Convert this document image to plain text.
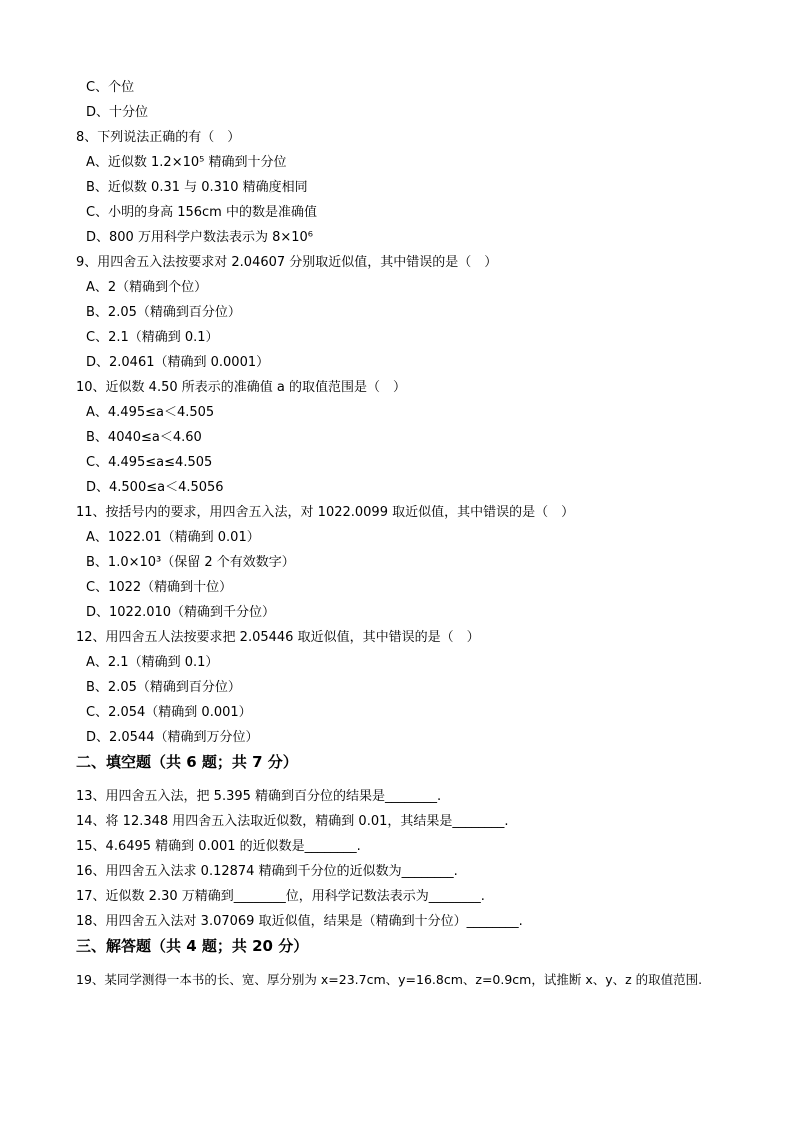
C、个位
D、十分位
8、下列说法正确的有（　）
A、近似数 1.2×10⁵ 精确到十分位
B、近似数 0.31 与 0.310 精确度相同
C、小明的身高 156cm 中的数是准确值
D、800 万用科学户数法表示为 8×10⁶
9、用四舍五入法按要求对 2.04607 分别取近似值，其中错误的是（　）
A、2（精确到个位）
B、2.05（精确到百分位）
C、2.1（精确到 0.1）
D、2.0461（精确到 0.0001）
10、近似数 4.50 所表示的准确值 a 的取值范围是（　）
A、4.495≤a＜4.505
B、4040≤a＜4.60
C、4.495≤a≤4.505
D、4.500≤a＜4.5056
11、按括号内的要求，用四舍五入法，对 1022.0099 取近似值，其中错误的是（　）
A、1022.01（精确到 0.01）
B、1.0×10³（保留 2 个有效数字）
C、1022（精确到十位）
D、1022.010（精确到千分位）
12、用四舍五人法按要求把 2.05446 取近似值，其中错误的是（　）
A、2.1（精确到 0.1）
B、2.05（精确到百分位）
C、2.054（精确到 0.001）
D、2.0544（精确到万分位）
二、填空题（共 6 题；共 7 分）
13、用四舍五入法，把 5.395 精确到百分位的结果是________.
14、将 12.348 用四舍五入法取近似数，精确到 0.01，其结果是________.
15、4.6495 精确到 0.001 的近似数是________.
16、用四舍五入法求 0.12874 精确到千分位的近似数为________.
17、近似数 2.30 万精确到________位，用科学记数法表示为________.
18、用四舍五入法对 3.07069 取近似值，结果是（精确到十分位）________.
三、解答题（共 4 题；共 20 分）
19、某同学测得一本书的长、宽、厚分别为 x=23.7cm、y=16.8cm、z=0.9cm，试推断 x、y、z 的取值范围.
